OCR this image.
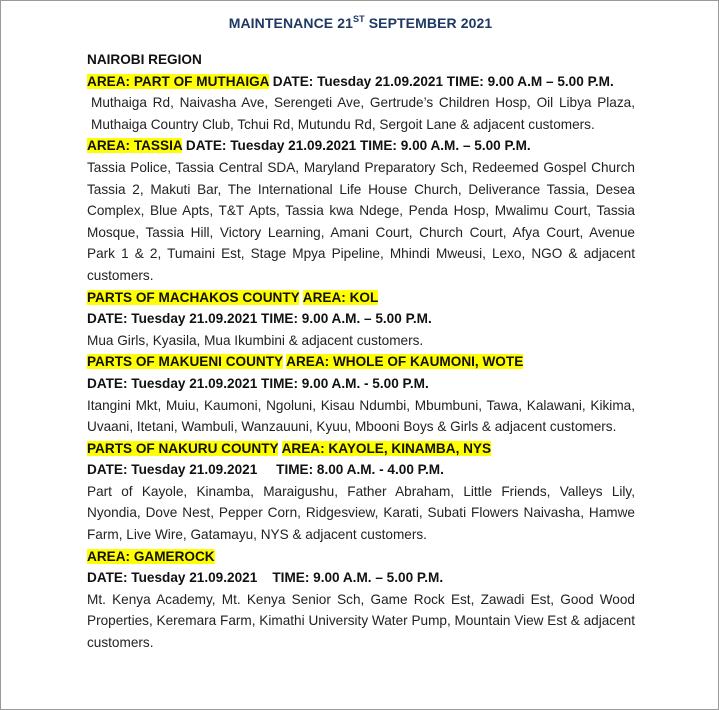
MAINTENANCE 21ST SEPTEMBER 2021
NAIROBI REGION
AREA: PART OF MUTHAIGA DATE: Tuesday 21.09.2021 TIME: 9.00 A.M – 5.00 P.M.
Muthaiga Rd, Naivasha Ave, Serengeti Ave, Gertrude’s Children Hosp, Oil Libya Plaza, Muthaiga Country Club, Tchui Rd, Mutundu Rd, Sergoit Lane & adjacent customers.
AREA: TASSIA DATE: Tuesday 21.09.2021 TIME: 9.00 A.M. – 5.00 P.M.
Tassia Police, Tassia Central SDA, Maryland Preparatory Sch, Redeemed Gospel Church Tassia 2, Makuti Bar, The International Life House Church, Deliverance Tassia, Desea Complex, Blue Apts, T&T Apts, Tassia kwa Ndege, Penda Hosp, Mwalimu Court, Tassia Mosque, Tassia Hill, Victory Learning, Amani Court, Church Court, Afya Court, Avenue Park 1 & 2, Tumaini Est, Stage Mpya Pipeline, Mhindi Mweusi, Lexo, NGO & adjacent customers.
PARTS OF MACHAKOS COUNTY AREA: KOL
DATE: Tuesday 21.09.2021 TIME: 9.00 A.M. – 5.00 P.M.
Mua Girls, Kyasila, Mua Ikumbini & adjacent customers.
PARTS OF MAKUENI COUNTY AREA: WHOLE OF KAUMONI, WOTE
DATE: Tuesday 21.09.2021 TIME: 9.00 A.M. - 5.00 P.M.
Itangini Mkt, Muiu, Kaumoni, Ngoluni, Kisau Ndumbi, Mbumbuni, Tawa, Kalawani, Kikima, Uvaani, Itetani, Wambuli, Wanzauuni, Kyuu, Mbooni Boys & Girls & adjacent customers.
PARTS OF NAKURU COUNTY AREA: KAYOLE, KINAMBA, NYS
DATE: Tuesday 21.09.2021     TIME: 8.00 A.M. - 4.00 P.M.
Part of Kayole, Kinamba, Maraigushu, Father Abraham, Little Friends, Valleys Lily, Nyondia, Dove Nest, Pepper Corn, Ridgesview, Karati, Subati Flowers Naivasha, Hamwe Farm, Live Wire, Gatamayu, NYS & adjacent customers.
AREA: GAMEROCK
DATE: Tuesday 21.09.2021    TIME: 9.00 A.M. – 5.00 P.M.
Mt. Kenya Academy, Mt. Kenya Senior Sch, Game Rock Est, Zawadi Est, Good Wood Properties, Keremara Farm, Kimathi University Water Pump, Mountain View Est & adjacent customers.
